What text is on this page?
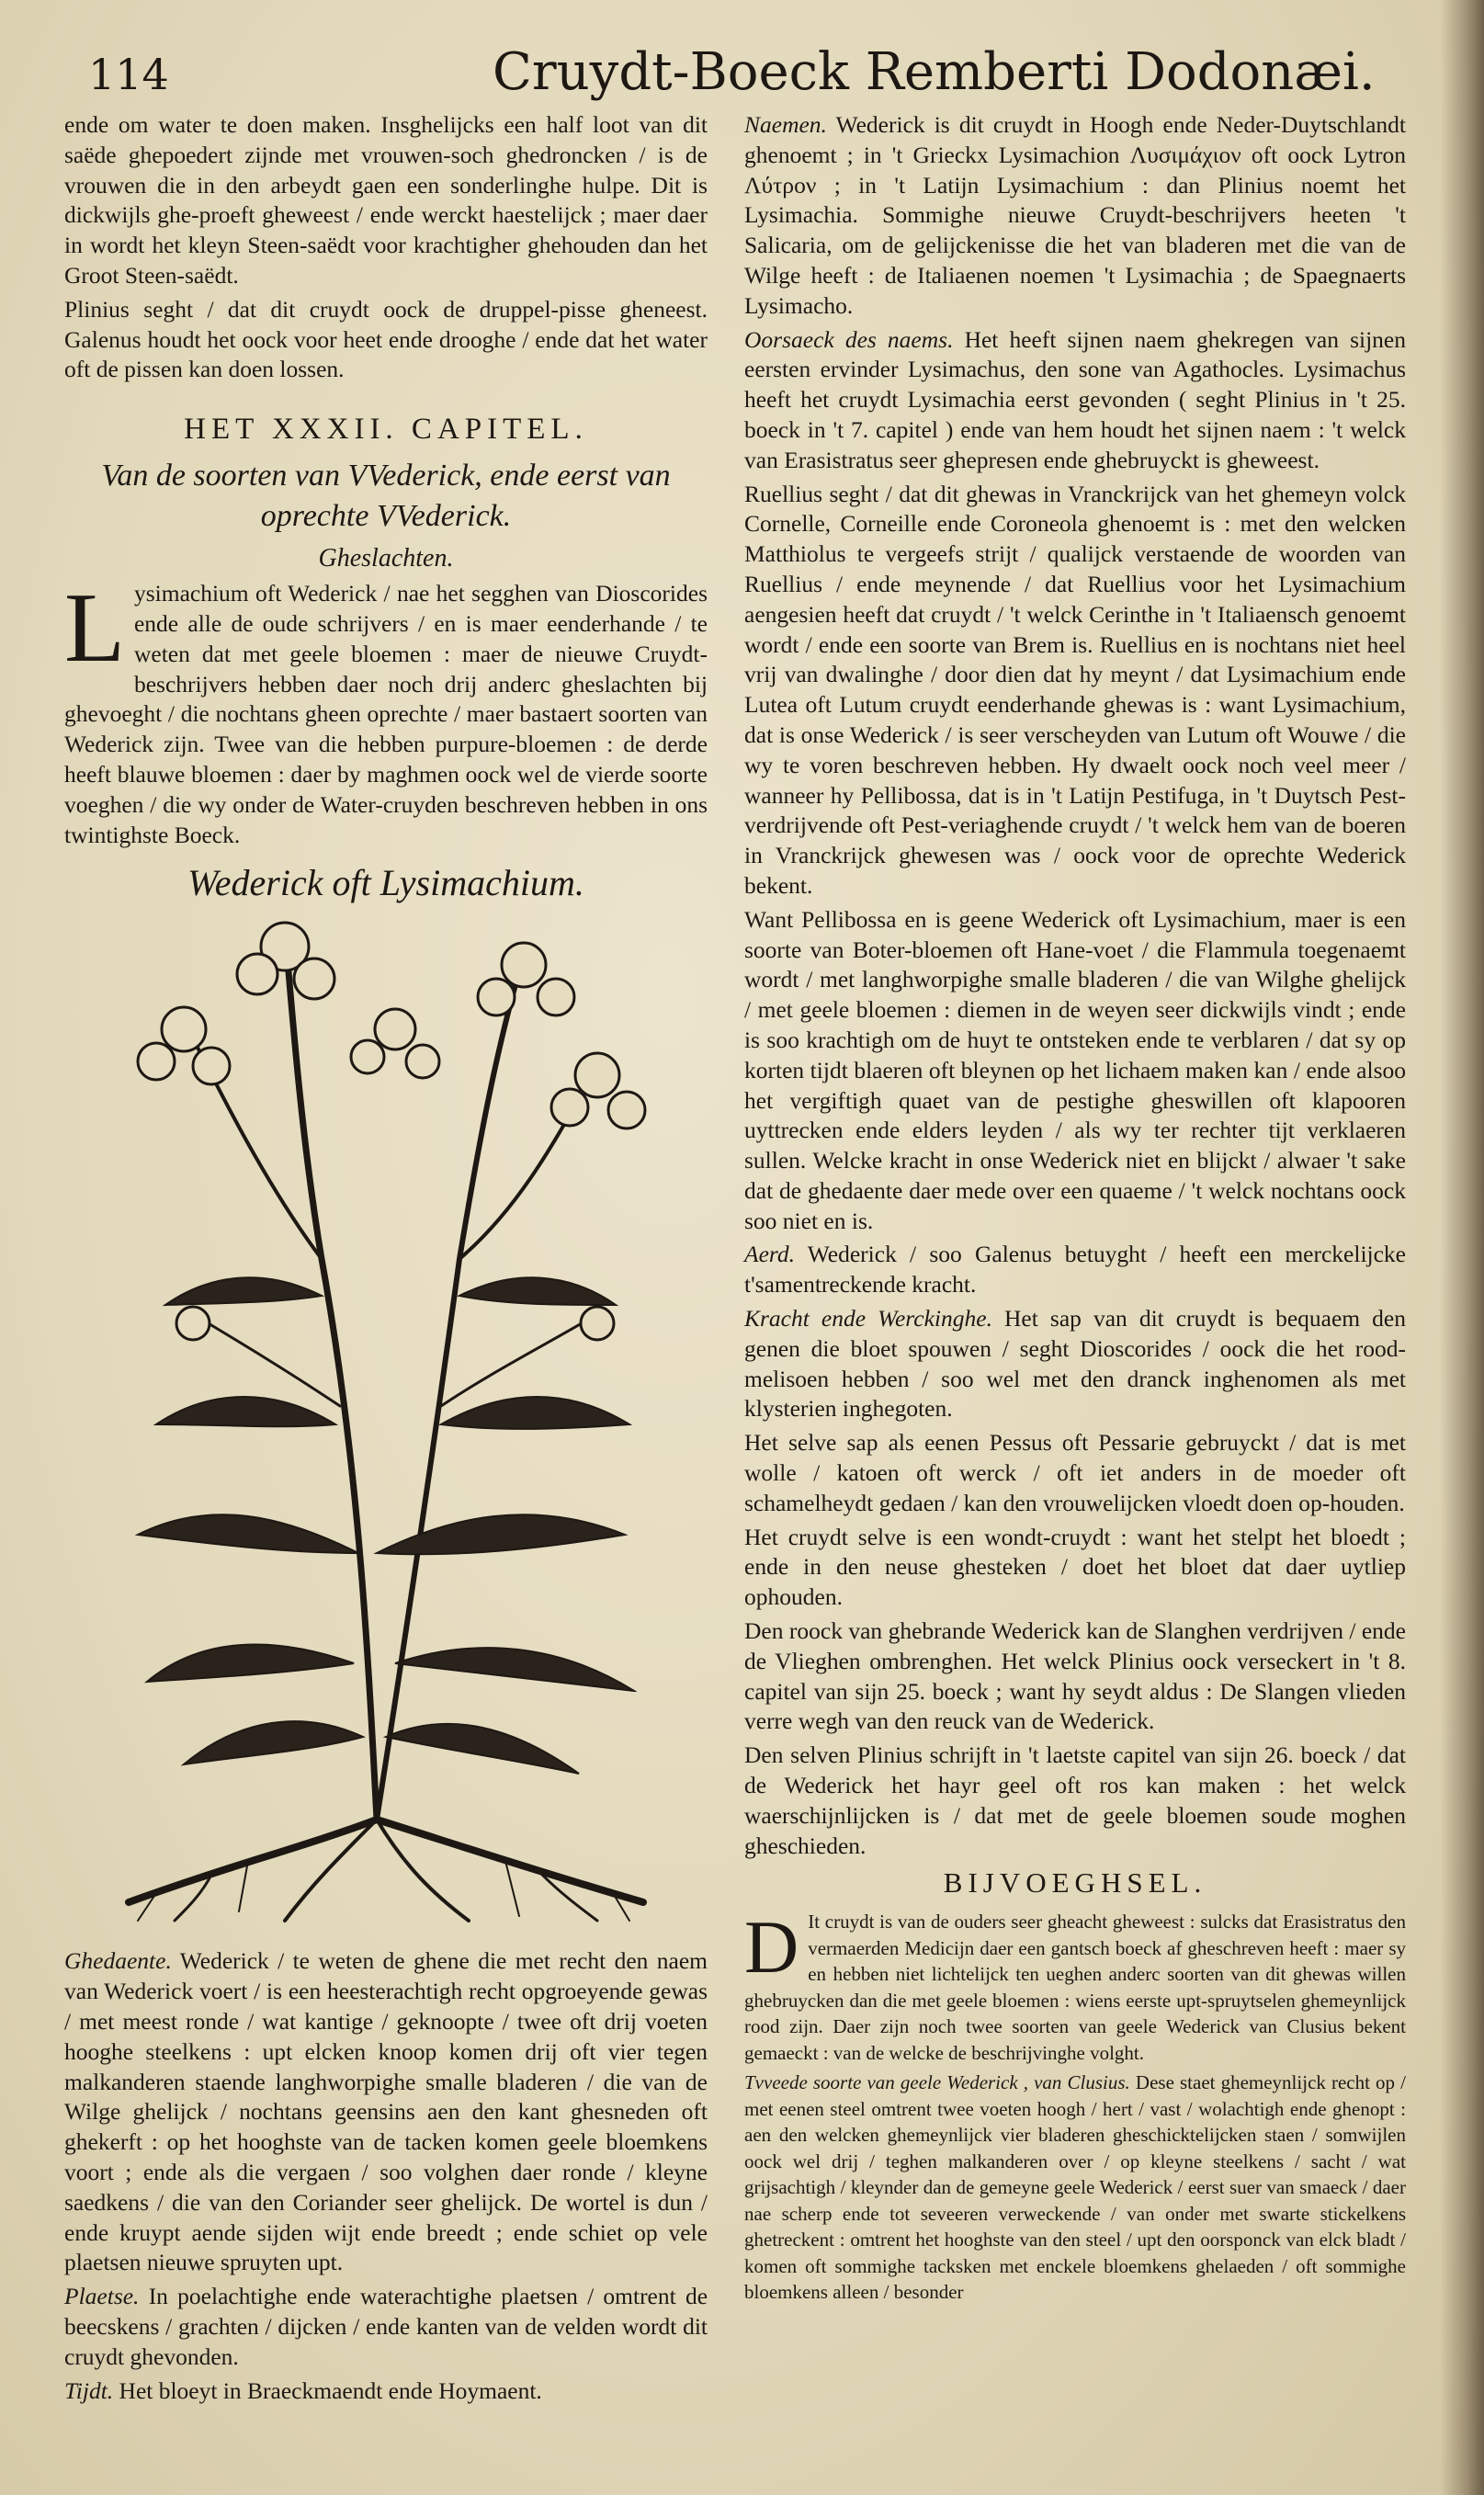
114	Cruydt-Boeck Remberti Dodonæi.

ende om water te doen maken. Insghelijcks een half loot van dit saëde ghepoedert zijnde met vrouwen-soch ghedroncken / is de vrouwen die in den arbeydt gaen een sonderlinghe hulpe. Dit is dickwijls ghe-proeft gheweest / ende werckt haestelijck ; maer daer in wordt het kleyn Steen-saëdt voor krachtigher ghehouden dan het Groot Steen-saëdt.

Plinius seght / dat dit cruydt oock de druppel-pisse gheneest. Galenus houdt het oock voor heet ende drooghe / ende dat het water oft de pissen kan doen lossen.

HET XXXII. CAPITEL.
Van de soorten van VVederick, ende eerst van oprechte VVederick.
Gheslachten.

Lysimachium oft Wederick / nae het segghen van Dioscorides ende alle de oude schrijvers / en is maer eenderhande / te weten dat met geele bloemen : maer de nieuwe Cruydt-beschrijvers hebben daer noch drij anderc gheslachten bij ghevoeght / die nochtans gheen oprechte / maer bastaert soorten van Wederick zijn. Twee van die hebben purpure-bloemen : de derde heeft blauwe bloemen : daer by maghmen oock wel de vierde soorte voeghen / die wy onder de Water-cruyden beschreven hebben in ons twintighste Boeck.

Wederick oft Lysimachium.

Ghedaente. Wederick / te weten de ghene die met recht den naem van Wederick voert / is een heesterachtigh recht opgroeyende gewas / met meest ronde / wat kantige / geknoopte / twee oft drij voeten hooghe steelkens : upt elcken knoop komen drij oft vier tegen malkanderen staende langhworpighe smalle bladeren / die van de Wilge ghelijck / nochtans geensins aen den kant ghesneden oft ghekerft : op het hooghste van de tacken komen geele bloemkens voort ; ende als die vergaen / soo volghen daer ronde / kleyne saedkens / die van den Coriander seer ghelijck. De wortel is dun / ende kruypt aende sijden wijt ende breedt ; ende schiet op vele plaetsen nieuwe spruyten upt.

Plaetse. In poelachtighe ende waterachtighe plaetsen / omtrent de beecskens / grachten / dijcken / ende kanten van de velden wordt dit cruydt ghevonden.

Tijdt. Het bloeyt in Braeckmaendt ende Hoymaent.

Naemen. Wederick is dit cruydt in Hoogh ende Neder-Duytschlandt ghenoemt ; in 't Grieckx Lysimachion Λυσιμάχιον oft oock Lytron Λύτρον ; in 't Latijn Lysimachium : dan Plinius noemt het Lysimachia. Sommighe nieuwe Cruydt-beschrijvers heeten 't Salicaria, om de gelijckenisse die het van bladeren met die van de Wilge heeft : de Italiaenen noemen 't Lysimachia ; de Spaegnaerts Lysimacho.

Oorsaeck des naems. Het heeft sijnen naem ghekregen van sijnen eersten ervinder Lysimachus, den sone van Agathocles. Lysimachus heeft het cruydt Lysimachia eerst gevonden ( seght Plinius in 't 25. boeck in 't 7. capitel ) ende van hem houdt het sijnen naem : 't welck van Erasistratus seer ghepresen ende ghebruyckt is gheweest.

Ruellius seght / dat dit ghewas in Vranckrijck van het ghemeyn volck Cornelle, Corneille ende Coroneola ghenoemt is : met den welcken Matthiolus te vergeefs strijt / qualijck verstaende de woorden van Ruellius / ende meynende / dat Ruellius voor het Lysimachium aengesien heeft dat cruydt / 't welck Cerinthe in 't Italiaensch genoemt wordt / ende een soorte van Brem is. Ruellius en is nochtans niet heel vrij van dwalinghe / door dien dat hy meynt / dat Lysimachium ende Lutea oft Lutum cruydt eenderhande ghewas is : want Lysimachium, dat is onse Wederick / is seer verscheyden van Lutum oft Wouwe / die wy te voren beschreven hebben. Hy dwaelt oock noch veel meer / wanneer hy Pellibossa, dat is in 't Latijn Pestifuga, in 't Duytsch Pest-verdrijvende oft Pest-veriaghende cruydt / 't welck hem van de boeren in Vranckrijck ghewesen was / oock voor de oprechte Wederick bekent.

Want Pellibossa en is geene Wederick oft Lysimachium, maer is een soorte van Boter-bloemen oft Hane-voet / die Flammula toegenaemt wordt / met langhworpighe smalle bladeren / die van Wilghe ghelijck / met geele bloemen : diemen in de weyen seer dickwijls vindt ; ende is soo krachtigh om de huyt te ontsteken ende te verblaren / dat sy op korten tijdt blaeren oft bleynen op het lichaem maken kan / ende alsoo het vergiftigh quaet van de pestighe gheswillen oft klapooren uyttrecken ende elders leyden / als wy ter rechter tijt verklaeren sullen. Welcke kracht in onse Wederick niet en blijckt / alwaer 't sake dat de ghedaente daer mede over een quaeme / 't welck nochtans oock soo niet en is.

Aerd. Wederick / soo Galenus betuyght / heeft een merckelijcke t'samentreckende kracht.

Kracht ende Werckinghe. Het sap van dit cruydt is bequaem den genen die bloet spouwen / seght Dioscorides / oock die het rood-melisoen hebben / soo wel met den dranck inghenomen als met klysterien inghegoten.

Het selve sap als eenen Pessus oft Pessarie gebruyckt / dat is met wolle / katoen oft werck / oft iet anders in de moeder oft schamelheydt gedaen / kan den vrouwelijcken vloedt doen op-houden.

Het cruydt selve is een wondt-cruydt : want het stelpt het bloedt ; ende in den neuse ghesteken / doet het bloet dat daer uytliep ophouden.

Den roock van ghebrande Wederick kan de Slanghen verdrijven / ende de Vlieghen ombrenghen. Het welck Plinius oock verseckert in 't 8. capitel van sijn 25. boeck ; want hy seydt aldus : De Slangen vlieden verre wegh van den reuck van de Wederick.

Den selven Plinius schrijft in 't laetste capitel van sijn 26. boeck / dat de Wederick het hayr geel oft ros kan maken : het welck waerschijnlijcken is / dat met de geele bloemen soude moghen gheschieden.

BIJVOEGHSEL.

D It cruydt is van de ouders seer gheacht gheweest : sulcks dat Erasistratus den vermaerden Medicijn daer een gantsch boeck af gheschreven heeft : maer sy en hebben niet lichtelijck ten ueghen anderc soorten van dit ghewas willen ghebruycken dan die met geele bloemen : wiens eerste upt-spruytselen ghemeynlijck rood zijn. Daer zijn noch twee soorten van geele Wederick van Clusius bekent gemaeckt : van de welcke de beschrijvinghe volght.

Tvveede soorte van geele Wederick , van Clusius. Dese staet ghemeynlijck recht op / met eenen steel omtrent twee voeten hoogh / hert / vast / wolachtigh ende ghenopt : aen den welcken ghemeynlijck vier bladeren gheschicktelijcken staen / somwijlen oock wel drij / teghen malkanderen over / op kleyne steelkens / sacht / wat grijsachtigh / kleynder dan de gemeyne geele Wederick / eerst suer van smaeck / daer nae scherp ende tot seveeren verweckende / van onder met swarte stickelkens ghetreckent : omtrent het hooghste van den steel / upt den oorsponck van elck bladt / komen oft sommighe tacksken met enckele bloemkens ghelaeden / oft sommighe bloemkens alleen / besonder
